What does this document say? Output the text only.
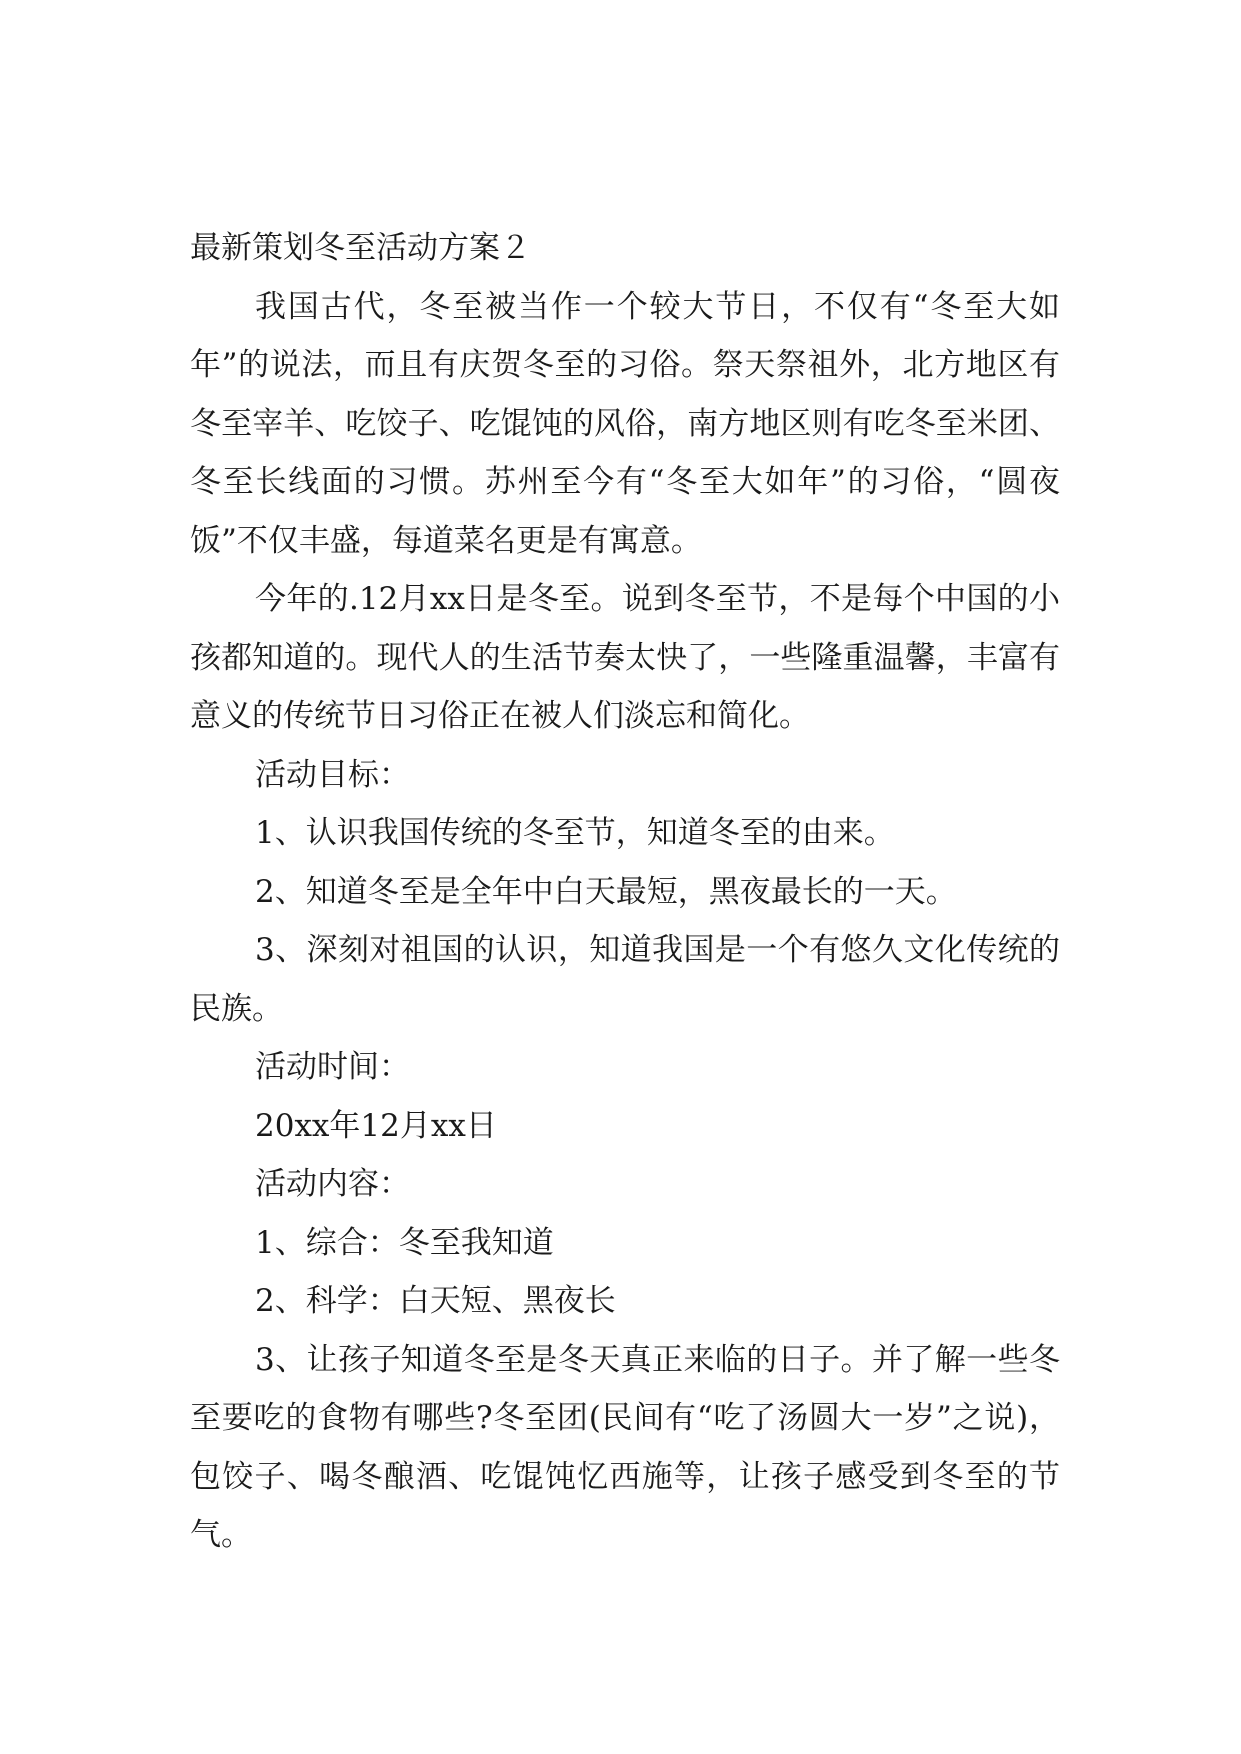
最新策划冬至活动方案２

我国古代，冬至被当作一个较大节日，不仅有“冬至大如年”的说法，而且有庆贺冬至的习俗。祭天祭祖外，北方地区有冬至宰羊、吃饺子、吃馄饨的风俗，南方地区则有吃冬至米团、冬至长线面的习惯。苏州至今有“冬至大如年”的习俗，“圆夜饭”不仅丰盛，每道菜名更是有寓意。

今年的.12月xx日是冬至。说到冬至节，不是每个中国的小孩都知道的。现代人的生活节奏太快了，一些隆重温馨，丰富有意义的传统节日习俗正在被人们淡忘和简化。

活动目标：

1、认识我国传统的冬至节，知道冬至的由来。

2、知道冬至是全年中白天最短，黑夜最长的一天。

3、深刻对祖国的认识，知道我国是一个有悠久文化传统的民族。

活动时间：

20xx年12月xx日

活动内容：

1、综合：冬至我知道

2、科学：白天短、黑夜长

3、让孩子知道冬至是冬天真正来临的日子。并了解一些冬至要吃的食物有哪些?冬至团(民间有“吃了汤圆大一岁”之说)，包饺子、喝冬酿酒、吃馄饨忆西施等，让孩子感受到冬至的节气。
